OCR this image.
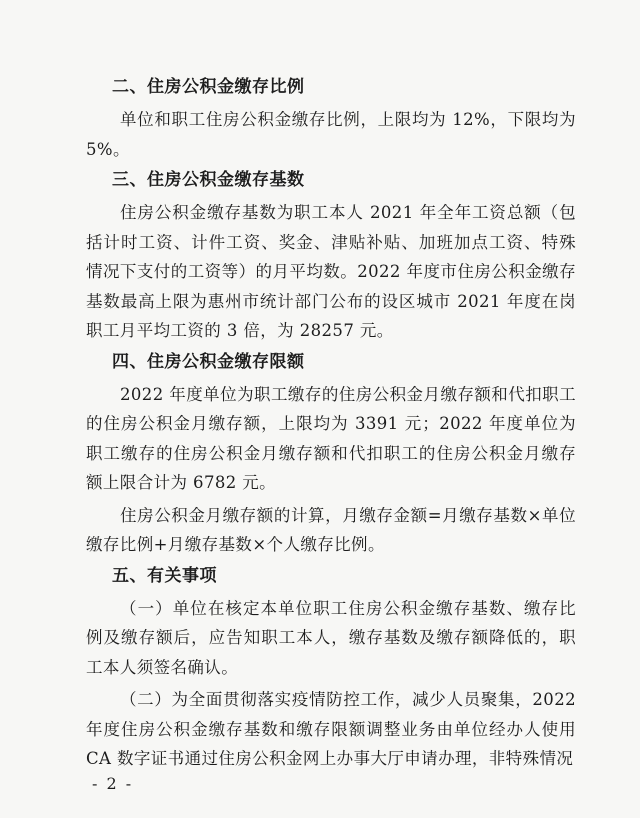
二、住房公积金缴存比例

单位和职工住房公积金缴存比例，上限均为 12%，下限均为 5%。

三、住房公积金缴存基数

住房公积金缴存基数为职工本人 2021 年全年工资总额（包括计时工资、计件工资、奖金、津贴补贴、加班加点工资、特殊情况下支付的工资等）的月平均数。2022 年度市住房公积金缴存基数最高上限为惠州市统计部门公布的设区城市 2021 年度在岗职工月平均工资的 3 倍，为 28257 元。

四、住房公积金缴存限额

2022 年度单位为职工缴存的住房公积金月缴存额和代扣职工的住房公积金月缴存额，上限均为 3391 元；2022 年度单位为职工缴存的住房公积金月缴存额和代扣职工的住房公积金月缴存额上限合计为 6782 元。

住房公积金月缴存额的计算，月缴存金额=月缴存基数×单位缴存比例+月缴存基数×个人缴存比例。

五、有关事项

（一）单位在核定本单位职工住房公积金缴存基数、缴存比例及缴存额后，应告知职工本人，缴存基数及缴存额降低的，职工本人须签名确认。

（二）为全面贯彻落实疫情防控工作，减少人员聚集，2022 年度住房公积金缴存基数和缴存限额调整业务由单位经办人使用 CA 数字证书通过住房公积金网上办事大厅申请办理，非特殊情况

- 2 -
